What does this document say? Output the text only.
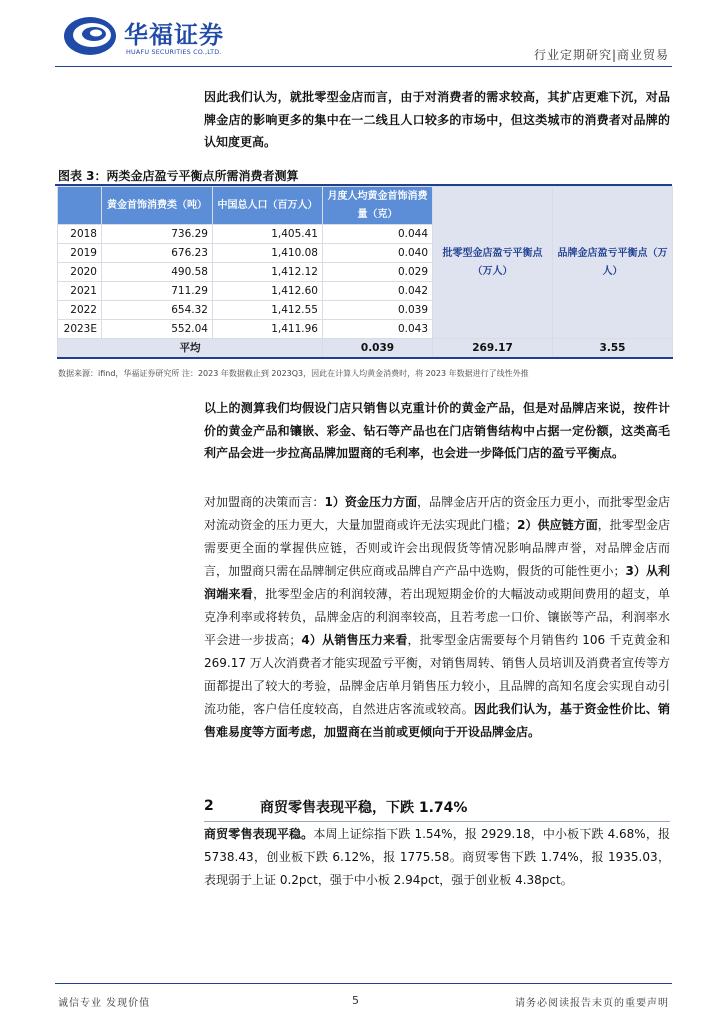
华福证券
HUAFU SECURITIES CO.,LTD.	行业定期研究|商业贸易
因此我们认为，就批零型金店而言，由于对消费者的需求较高，其扩店更难下沉，对品牌金店的影响更多的集中在一二线且人口较多的市场中，但这类城市的消费者对品牌的认知度更高。
图表 3：两类金店盈亏平衡点所需消费者测算
	黄金首饰消费类（吨）	中国总人口（百万人）	月度人均黄金首饰消费量（克）	批零型金店盈亏平衡点（万人）	品牌金店盈亏平衡点（万人）
2018	736.29	1,405.41	0.044		
2019	676.23	1,410.08	0.040		
2020	490.58	1,412.12	0.029		
2021	711.29	1,412.60	0.042		
2022	654.32	1,412.55	0.039		
2023E	552.04	1,411.96	0.043		
平均			0.039	269.17	3.55
数据来源：ifind，华福证券研究所 注：2023 年数据截止到 2023Q3，因此在计算人均黄金消费时，将 2023 年数据进行了线性外推
以上的测算我们均假设门店只销售以克重计价的黄金产品，但是对品牌店来说，按件计价的黄金产品和镶嵌、彩金、钻石等产品也在门店销售结构中占据一定份额，这类高毛利产品会进一步拉高品牌加盟商的毛利率，也会进一步降低门店的盈亏平衡点。

对加盟商的决策而言：1）资金压力方面，品牌金店开店的资金压力更小，而批零型金店对流动资金的压力更大，大量加盟商或许无法实现此门槛；2）供应链方面，批零型金店需要更全面的掌握供应链，否则或许会出现假货等情况影响品牌声誉，对品牌金店而言，加盟商只需在品牌制定供应商或品牌自产产品中选购，假货的可能性更小；3）从利润端来看，批零型金店的利润较薄，若出现短期金价的大幅波动或期间费用的超支，单克净利率或将转负，品牌金店的利润率较高，且若考虑一口价、镶嵌等产品，利润率水平会进一步拔高；4）从销售压力来看，批零型金店需要每个月销售约 106 千克黄金和 269.17 万人次消费者才能实现盈亏平衡，对销售周转、销售人员培训及消费者宣传等方面都提出了较大的考验，品牌金店单月销售压力较小，且品牌的高知名度会实现自动引流功能，客户信任度较高，自然进店客流或较高。因此我们认为，基于资金性价比、销售难易度等方面考虑，加盟商在当前或更倾向于开设品牌金店。

2	商贸零售表现平稳，下跌 1.74%

商贸零售表现平稳。本周上证综指下跌 1.54%，报 2929.18，中小板下跌 4.68%，报 5738.43，创业板下跌 6.12%，报 1775.58。商贸零售下跌 1.74%，报 1935.03，表现弱于上证 0.2pct，强于中小板 2.94pct，强于创业板 4.38pct。

诚信专业 发现价值	5	请务必阅读报告末页的重要声明
